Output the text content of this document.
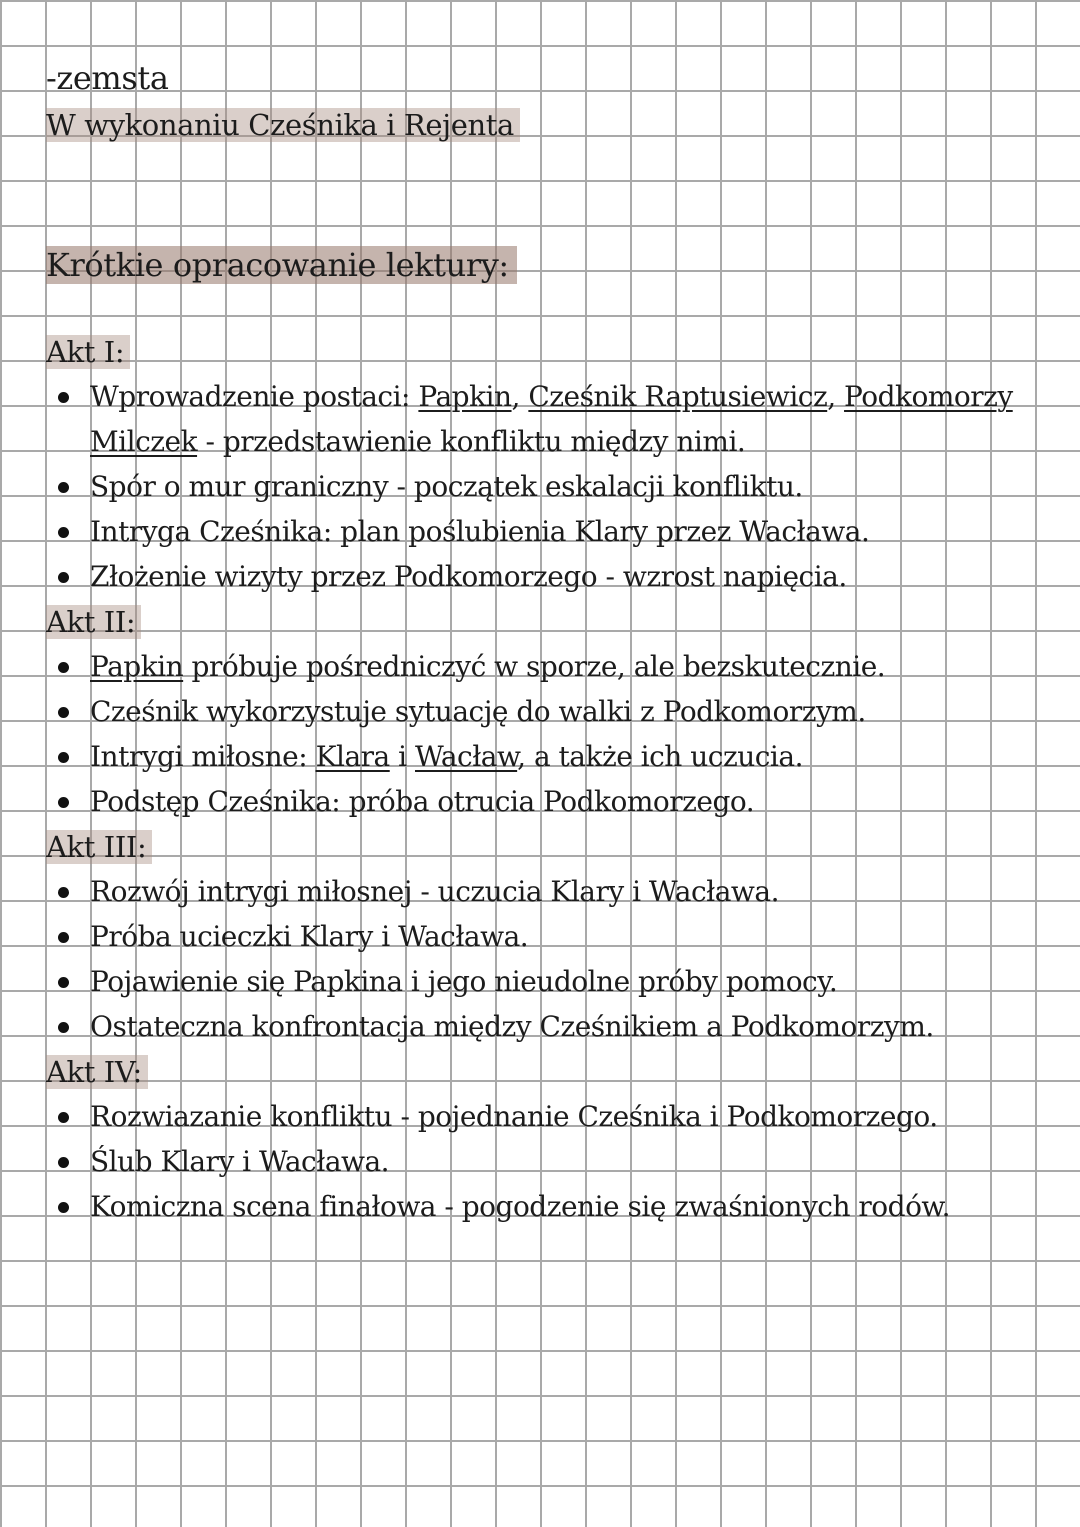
-zemsta
W wykonaniu Cześnika i Rejenta
Krótkie opracowanie lektury:
Akt I:
Wprowadzenie postaci: Papkin, Cześnik Raptusiewicz, Podkomorzy
Milczek - przedstawienie konfliktu między nimi.
Spór o mur graniczny - początek eskalacji konfliktu.
Intryga Cześnika: plan poślubienia Klary przez Wacława.
Złożenie wizyty przez Podkomorzego - wzrost napięcia.
Akt II:
Papkin próbuje pośredniczyć w sporze, ale bezskutecznie.
Cześnik wykorzystuje sytuację do walki z Podkomorzym.
Intrygi miłosne: Klara i Wacław, a także ich uczucia.
Podstęp Cześnika: próba otrucia Podkomorzego.
Akt III:
Rozwój intrygi miłosnej - uczucia Klary i Wacława.
Próba ucieczki Klary i Wacława.
Pojawienie się Papkina i jego nieudolne próby pomocy.
Ostateczna konfrontacja między Cześnikiem a Podkomorzym.
Akt IV:
Rozwiazanie konfliktu - pojednanie Cześnika i Podkomorzego.
Ślub Klary i Wacława.
Komiczna scena finałowa - pogodzenie się zwaśnionych rodów.
